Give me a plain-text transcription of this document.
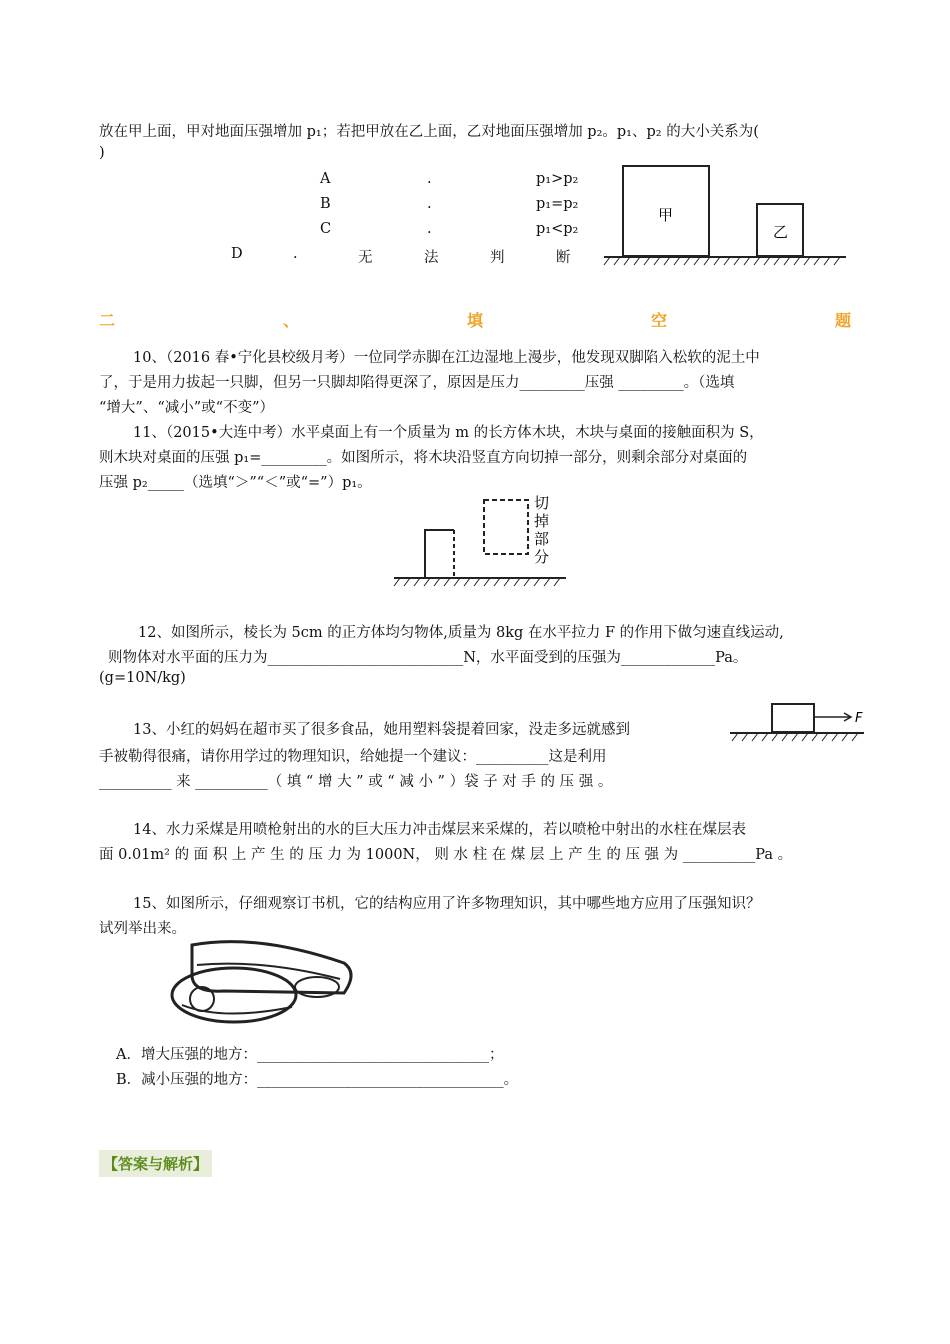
放在甲上面，甲对地面压强增加 p₁；若把甲放在乙上面，乙对地面压强增加 p₂。p₁、p₂ 的大小关系为(
)
A	.	p₁>p₂
B	.	p₁=p₂
C	.	p₁<p₂
D	.	无	法	判	断
甲
乙
二	、	填	空	题
10、（2016 春•宁化县校级月考）一位同学赤脚在江边湿地上漫步，他发现双脚陷入松软的泥土中
了，于是用力拔起一只脚，但另一只脚却陷得更深了，原因是压力_________压强 _________。（选填
“增大”、“减小”或“不变”）
11、（2015•大连中考）水平桌面上有一个质量为 m 的长方体木块，木块与桌面的接触面积为 S，
则木块对桌面的压强 p₁=_________。如图所示，将木块沿竖直方向切掉一部分，则剩余部分对桌面的
压强 p₂_____（选填“＞”“＜”或“=”）p₁。
切
掉
部
分
12、如图所示，棱长为 5cm 的正方体均匀物体,质量为 8kg 在水平拉力 F 的作用下做匀速直线运动,
则物体对水平面的压力为___________________________N，水平面受到的压强为_____________Pa。
(g=10N/kg)
13、小红的妈妈在超市买了很多食品，她用塑料袋提着回家，没走多远就感到
手被勒得很痛，请你用学过的物理知识，给她提一个建议：__________这是利用
__________ 来 __________（ 填 “ 增 大 ” 或 “ 减 小 ” ）袋 子 对 手 的 压 强 。
F
14、水力采煤是用喷枪射出的水的巨大压力冲击煤层来采煤的，若以喷枪中射出的水柱在煤层表
面 0.01m² 的 面 积 上 产 生 的 压 力 为 1000N， 则 水 柱 在 煤 层 上 产 生 的 压 强 为 __________Pa 。
15、如图所示，仔细观察订书机，它的结构应用了许多物理知识，其中哪些地方应用了压强知识？
试列举出来。
A．增大压强的地方：________________________________；
B．减小压强的地方：__________________________________。
【答案与解析】
